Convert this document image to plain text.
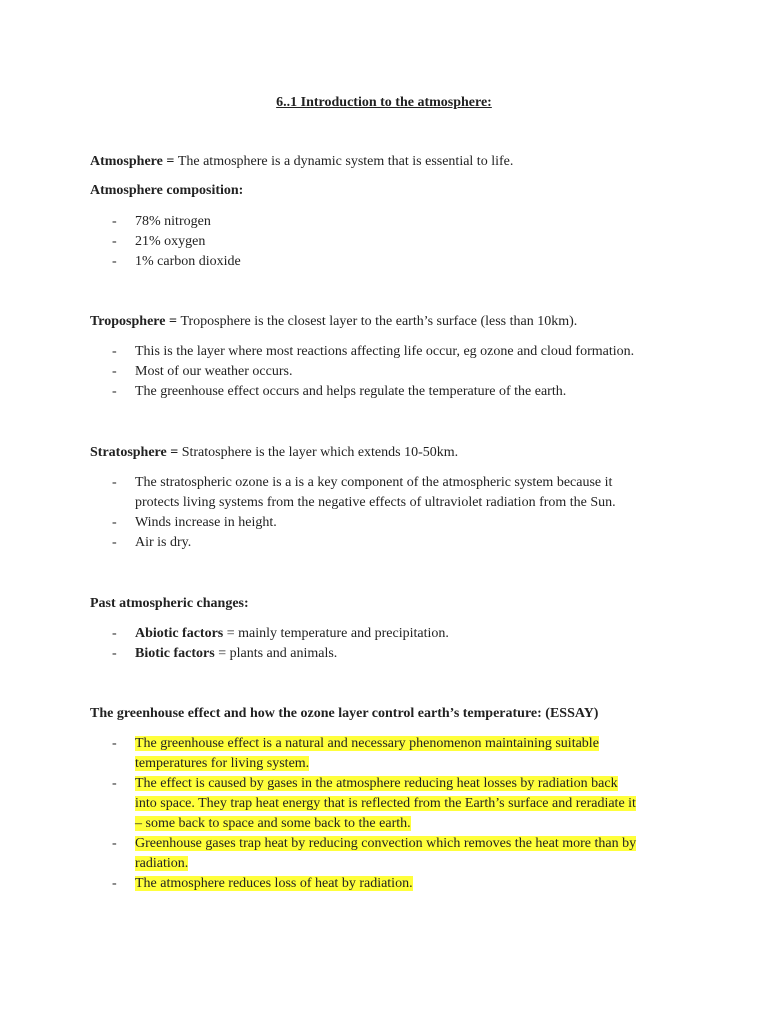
6..1 Introduction to the atmosphere:

Atmosphere = The atmosphere is a dynamic system that is essential to life.

Atmosphere composition:

- 78% nitrogen
- 21% oxygen
- 1% carbon dioxide

Troposphere = Troposphere is the closest layer to the earth’s surface (less than 10km).

- This is the layer where most reactions affecting life occur, eg ozone and cloud formation.
- Most of our weather occurs.
- The greenhouse effect occurs and helps regulate the temperature of the earth.

Stratosphere = Stratosphere is the layer which extends 10-50km.

- The stratospheric ozone is a is a key component of the atmospheric system because it
protects living systems from the negative effects of ultraviolet radiation from the Sun.
- Winds increase in height.
- Air is dry.

Past atmospheric changes:

- Abiotic factors = mainly temperature and precipitation.
- Biotic factors = plants and animals.

The greenhouse effect and how the ozone layer control earth’s temperature: (ESSAY)

- The greenhouse effect is a natural and necessary phenomenon maintaining suitable
temperatures for living system.
- The effect is caused by gases in the atmosphere reducing heat losses by radiation back
into space. They trap heat energy that is reflected from the Earth’s surface and reradiate it
– some back to space and some back to the earth.
- Greenhouse gases trap heat by reducing convection which removes the heat more than by
radiation.
- The atmosphere reduces loss of heat by radiation.
